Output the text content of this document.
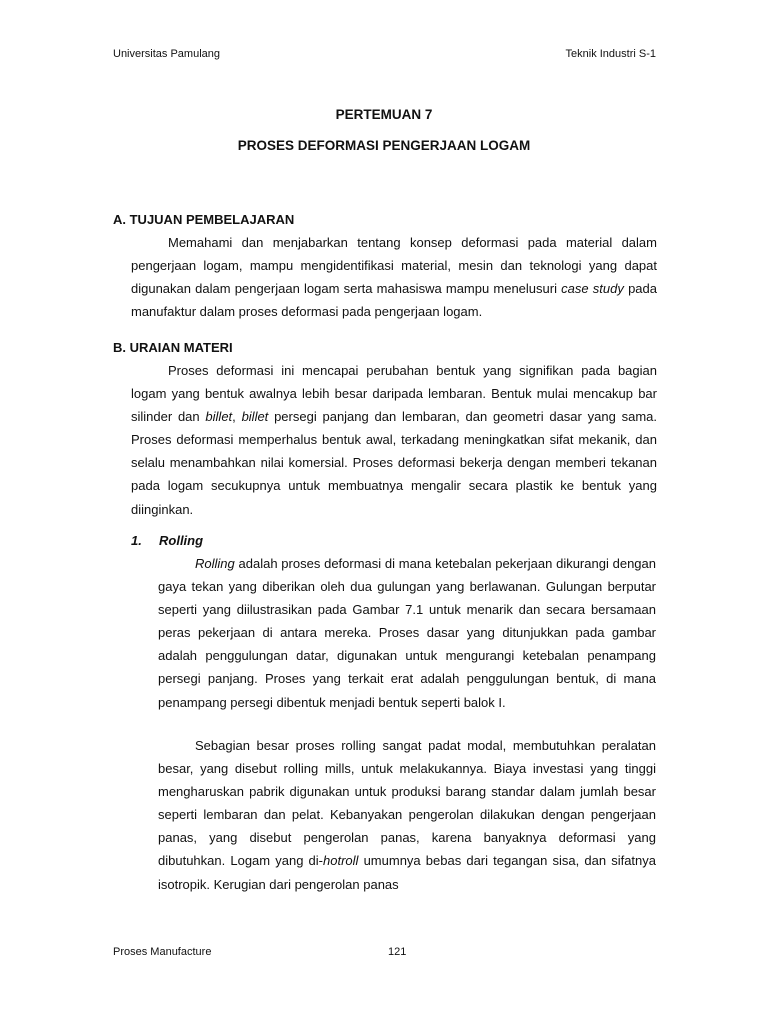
Universitas Pamulang	Teknik Industri S-1
PERTEMUAN 7
PROSES DEFORMASI PENGERJAAN LOGAM
A. TUJUAN PEMBELAJARAN

Memahami dan menjabarkan tentang konsep deformasi pada material dalam pengerjaan logam, mampu mengidentifikasi material, mesin dan teknologi yang dapat digunakan dalam pengerjaan logam serta mahasiswa mampu menelusuri case study pada manufaktur dalam proses deformasi pada pengerjaan logam.

B. URAIAN MATERI

Proses deformasi ini mencapai perubahan bentuk yang signifikan pada bagian logam yang bentuk awalnya lebih besar daripada lembaran. Bentuk mulai mencakup bar silinder dan billet, billet persegi panjang dan lembaran, dan geometri dasar yang sama. Proses deformasi memperhalus bentuk awal, terkadang meningkatkan sifat mekanik, dan selalu menambahkan nilai komersial. Proses deformasi bekerja dengan memberi tekanan pada logam secukupnya untuk membuatnya mengalir secara plastik ke bentuk yang diinginkan.

1. Rolling

Rolling adalah proses deformasi di mana ketebalan pekerjaan dikurangi dengan gaya tekan yang diberikan oleh dua gulungan yang berlawanan. Gulungan berputar seperti yang diilustrasikan pada Gambar 7.1 untuk menarik dan secara bersamaan peras pekerjaan di antara mereka. Proses dasar yang ditunjukkan pada gambar adalah penggulungan datar, digunakan untuk mengurangi ketebalan penampang persegi panjang. Proses yang terkait erat adalah penggulungan bentuk, di mana penampang persegi dibentuk menjadi bentuk seperti balok I.

Sebagian besar proses rolling sangat padat modal, membutuhkan peralatan besar, yang disebut rolling mills, untuk melakukannya. Biaya investasi yang tinggi mengharuskan pabrik digunakan untuk produksi barang standar dalam jumlah besar seperti lembaran dan pelat. Kebanyakan pengerolan dilakukan dengan pengerjaan panas, yang disebut pengerolan panas, karena banyaknya deformasi yang dibutuhkan. Logam yang di-hotroll umumnya bebas dari tegangan sisa, dan sifatnya isotropik. Kerugian dari pengerolan panas

Proses Manufacture	121
